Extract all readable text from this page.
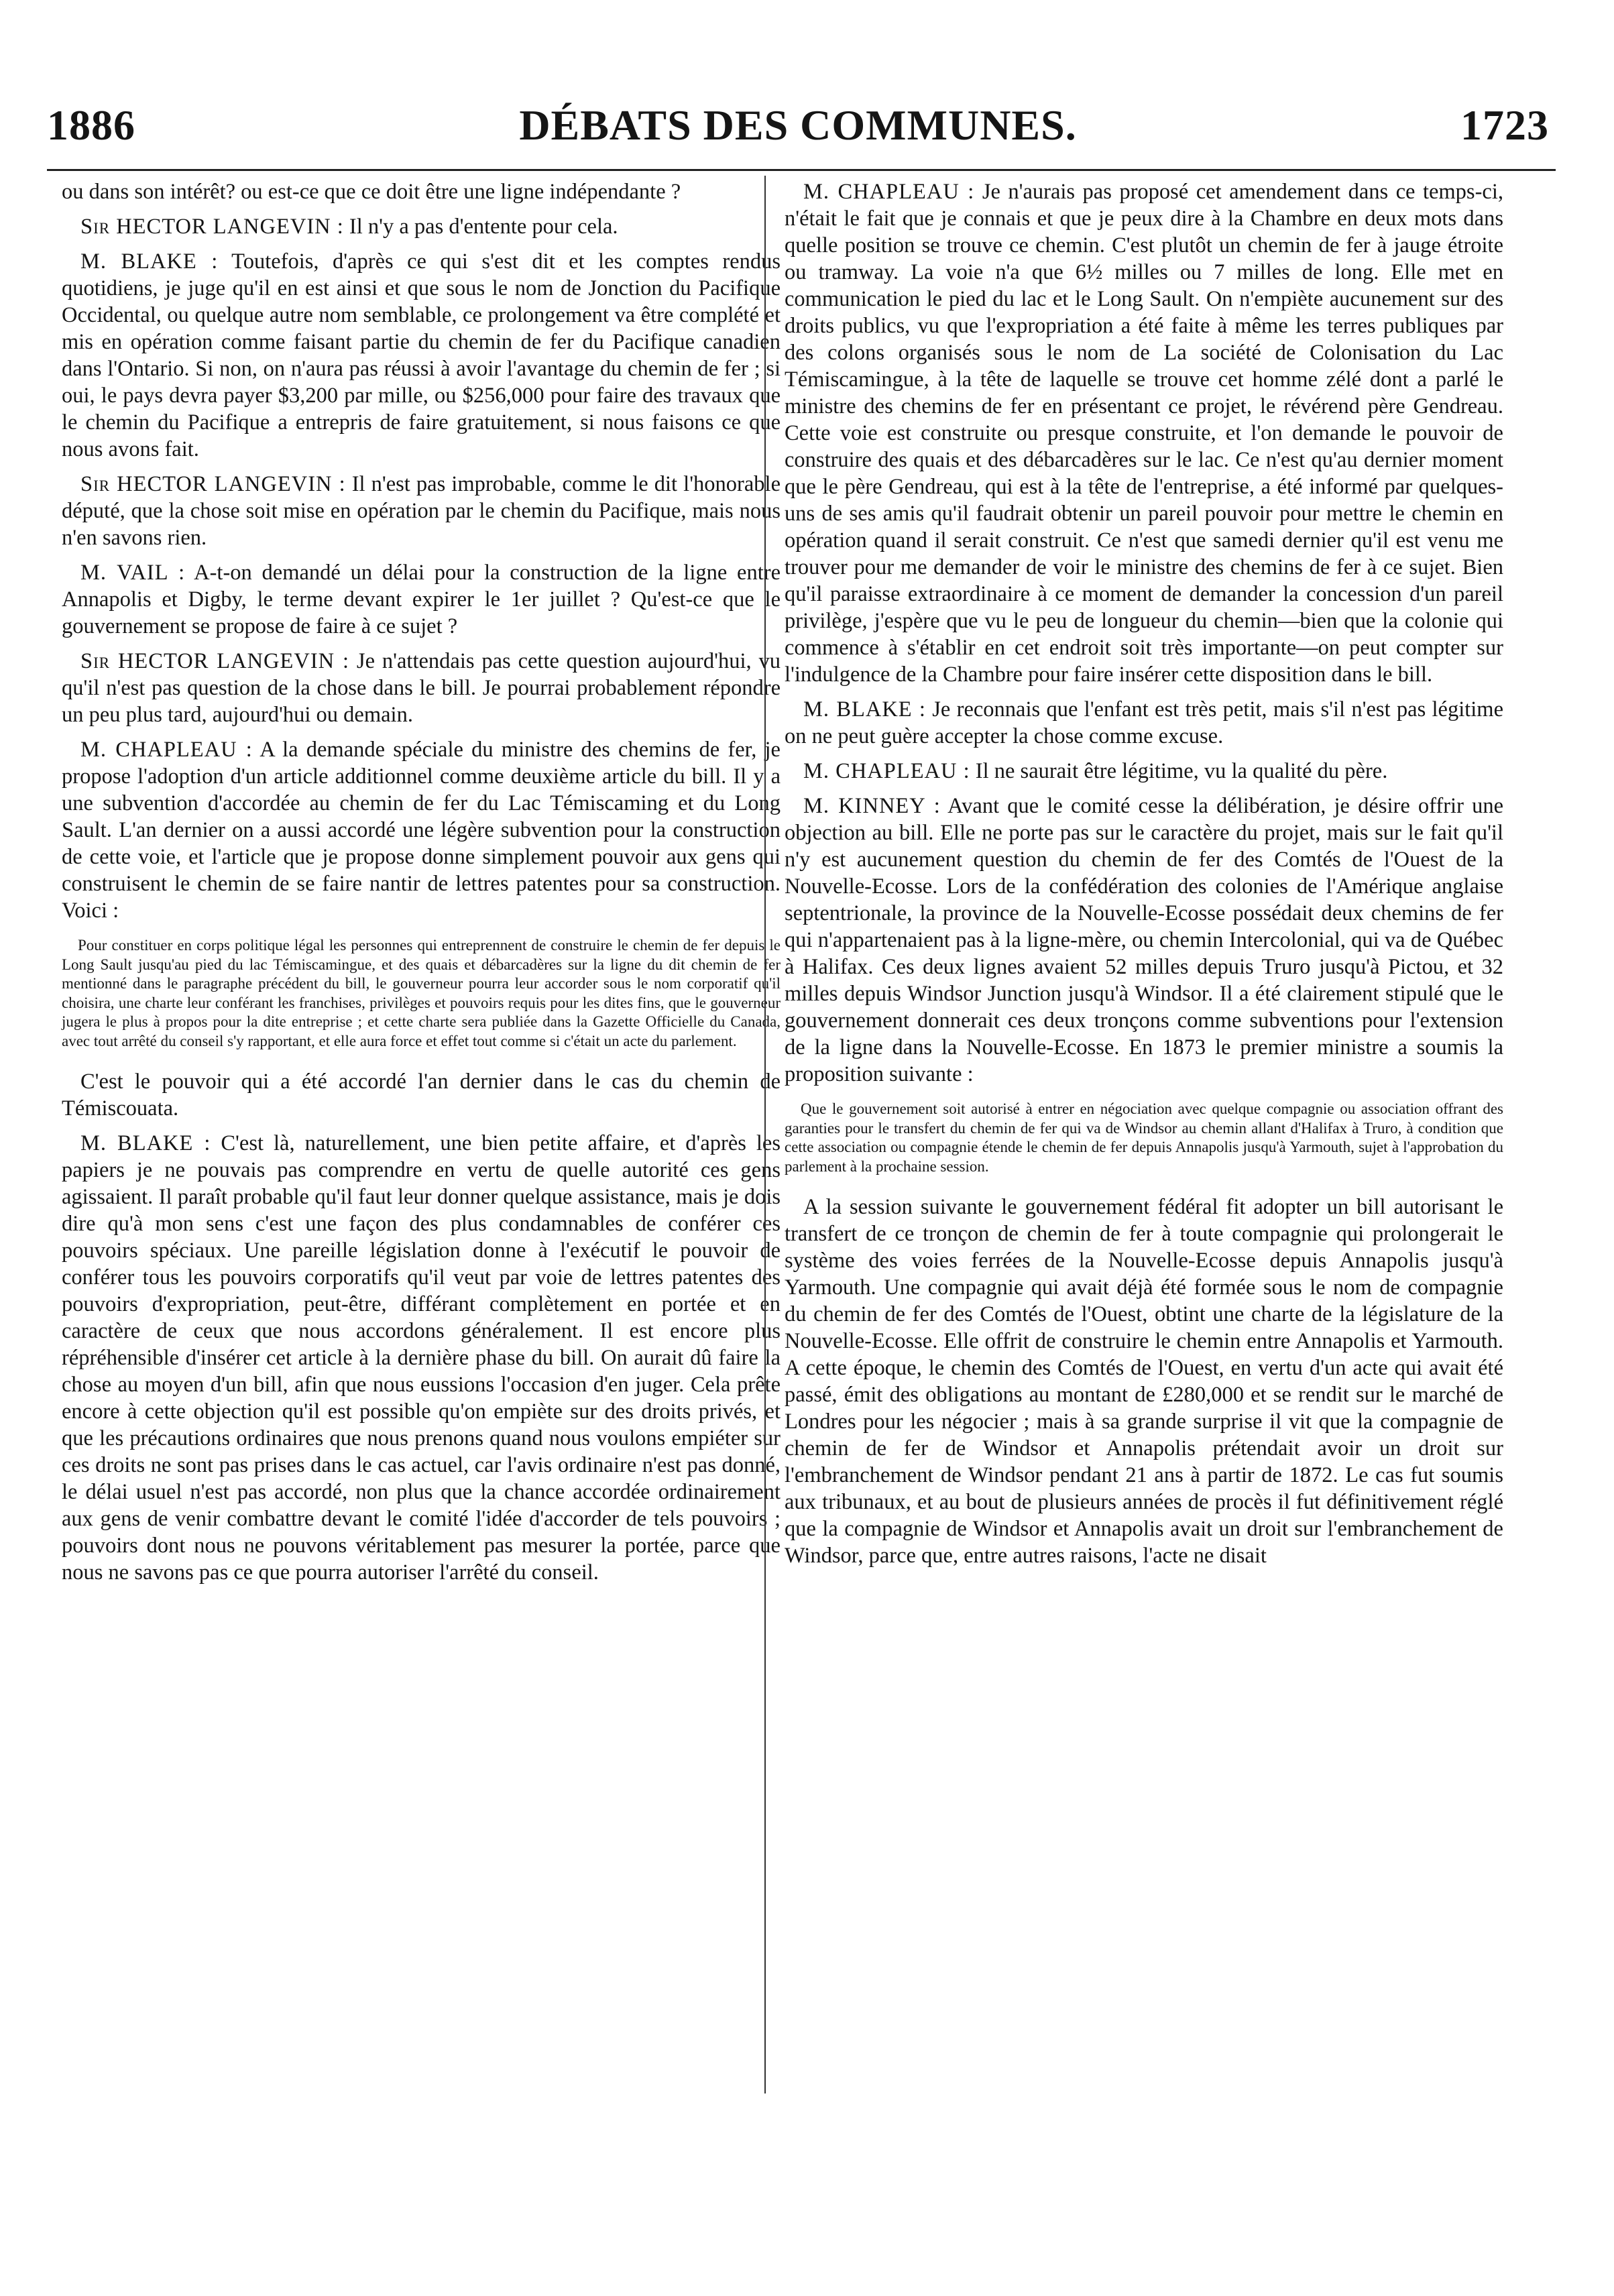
1886	DÉBATS DES COMMUNES.	1723

ou dans son intérêt? ou est-ce que ce doit être une ligne indépendante ?

Sir HECTOR LANGEVIN : Il n'y a pas d'entente pour cela.

M. BLAKE : Toutefois, d'après ce qui s'est dit et les comptes rendus quotidiens, je juge qu'il en est ainsi et que sous le nom de Jonction du Pacifique Occidental, ou quelque autre nom semblable, ce prolongement va être complété et mis en opération comme faisant partie du chemin de fer du Pacifique canadien dans l'Ontario. Si non, on n'aura pas réussi à avoir l'avantage du chemin de fer ; si oui, le pays devra payer $3,200 par mille, ou $256,000 pour faire des travaux que le chemin du Pacifique a entrepris de faire gratuitement, si nous faisons ce que nous avons fait.

Sir HECTOR LANGEVIN : Il n'est pas improbable, comme le dit l'honorable député, que la chose soit mise en opération par le chemin du Pacifique, mais nous n'en savons rien.

M. VAIL : A-t-on demandé un délai pour la construction de la ligne entre Annapolis et Digby, le terme devant expirer le 1er juillet ? Qu'est-ce que le gouvernement se propose de faire à ce sujet ?

Sir HECTOR LANGEVIN : Je n'attendais pas cette question aujourd'hui, vu qu'il n'est pas question de la chose dans le bill. Je pourrai probablement répondre un peu plus tard, aujourd'hui ou demain.

M. CHAPLEAU : A la demande spéciale du ministre des chemins de fer, je propose l'adoption d'un article additionnel comme deuxième article du bill. Il y a une subvention d'accordée au chemin de fer du Lac Témiscaming et du Long Sault. L'an dernier on a aussi accordé une légère subvention pour la construction de cette voie, et l'article que je propose donne simplement pouvoir aux gens qui construisent le chemin de se faire nantir de lettres patentes pour sa construction. Voici :

Pour constituer en corps politique légal les personnes qui entreprennent de construire le chemin de fer depuis le Long Sault jusqu'au pied du lac Témiscamingue, et des quais et débarcadères sur la ligne du dit chemin de fer mentionné dans le paragraphe précédent du bill, le gouverneur pourra leur accorder sous le nom corporatif qu'il choisira, une charte leur conférant les franchises, privilèges et pouvoirs requis pour les dites fins, que le gouverneur jugera le plus à propos pour la dite entreprise ; et cette charte sera publiée dans la Gazette Officielle du Canada, avec tout arrêté du conseil s'y rapportant, et elle aura force et effet tout comme si c'était un acte du parlement.

C'est le pouvoir qui a été accordé l'an dernier dans le cas du chemin de Témiscouata.

M. BLAKE : C'est là, naturellement, une bien petite affaire, et d'après les papiers je ne pouvais pas comprendre en vertu de quelle autorité ces gens agissaient. Il paraît probable qu'il faut leur donner quelque assistance, mais je dois dire qu'à mon sens c'est une façon des plus condamnables de conférer ces pouvoirs spéciaux. Une pareille législation donne à l'exécutif le pouvoir de conférer tous les pouvoirs corporatifs qu'il veut par voie de lettres patentes des pouvoirs d'expropriation, peut-être, différant complètement en portée et en caractère de ceux que nous accordons généralement. Il est encore plus répréhensible d'insérer cet article à la dernière phase du bill. On aurait dû faire la chose au moyen d'un bill, afin que nous eussions l'occasion d'en juger. Cela prête encore à cette objection qu'il est possible qu'on empiète sur des droits privés, et que les précautions ordinaires que nous prenons quand nous voulons empiéter sur ces droits ne sont pas prises dans le cas actuel, car l'avis ordinaire n'est pas donné, le délai usuel n'est pas accordé, non plus que la chance accordée ordinairement aux gens de venir combattre devant le comité l'idée d'accorder de tels pouvoirs ; pouvoirs dont nous ne pouvons véritablement pas mesurer la portée, parce que nous ne savons pas ce que pourra autoriser l'arrêté du conseil.

M. CHAPLEAU : Je n'aurais pas proposé cet amendement dans ce temps-ci, n'était le fait que je connais et que je peux dire à la Chambre en deux mots dans quelle position se trouve ce chemin. C'est plutôt un chemin de fer à jauge étroite ou tramway. La voie n'a que 6½ milles ou 7 milles de long. Elle met en communication le pied du lac et le Long Sault. On n'empiète aucunement sur des droits publics, vu que l'expropriation a été faite à même les terres publiques par des colons organisés sous le nom de La société de Colonisation du Lac Témiscamingue, à la tête de laquelle se trouve cet homme zélé dont a parlé le ministre des chemins de fer en présentant ce projet, le révérend père Gendreau. Cette voie est construite ou presque construite, et l'on demande le pouvoir de construire des quais et des débarcadères sur le lac. Ce n'est qu'au dernier moment que le père Gendreau, qui est à la tête de l'entreprise, a été informé par quelques-uns de ses amis qu'il faudrait obtenir un pareil pouvoir pour mettre le chemin en opération quand il serait construit. Ce n'est que samedi dernier qu'il est venu me trouver pour me demander de voir le ministre des chemins de fer à ce sujet. Bien qu'il paraisse extraordinaire à ce moment de demander la concession d'un pareil privilège, j'espère que vu le peu de longueur du chemin—bien que la colonie qui commence à s'établir en cet endroit soit très importante—on peut compter sur l'indulgence de la Chambre pour faire insérer cette disposition dans le bill.

M. BLAKE : Je reconnais que l'enfant est très petit, mais s'il n'est pas légitime on ne peut guère accepter la chose comme excuse.

M. CHAPLEAU : Il ne saurait être légitime, vu la qualité du père.

M. KINNEY : Avant que le comité cesse la délibération, je désire offrir une objection au bill. Elle ne porte pas sur le caractère du projet, mais sur le fait qu'il n'y est aucunement question du chemin de fer des Comtés de l'Ouest de la Nouvelle-Ecosse. Lors de la confédération des colonies de l'Amérique anglaise septentrionale, la province de la Nouvelle-Ecosse possédait deux chemins de fer qui n'appartenaient pas à la ligne-mère, ou chemin Intercolonial, qui va de Québec à Halifax. Ces deux lignes avaient 52 milles depuis Truro jusqu'à Pictou, et 32 milles depuis Windsor Junction jusqu'à Windsor. Il a été clairement stipulé que le gouvernement donnerait ces deux tronçons comme subventions pour l'extension de la ligne dans la Nouvelle-Ecosse. En 1873 le premier ministre a soumis la proposition suivante :

Que le gouvernement soit autorisé à entrer en négociation avec quelque compagnie ou association offrant des garanties pour le transfert du chemin de fer qui va de Windsor au chemin allant d'Halifax à Truro, à condition que cette association ou compagnie étende le chemin de fer depuis Annapolis jusqu'à Yarmouth, sujet à l'approbation du parlement à la prochaine session.

A la session suivante le gouvernement fédéral fit adopter un bill autorisant le transfert de ce tronçon de chemin de fer à toute compagnie qui prolongerait le système des voies ferrées de la Nouvelle-Ecosse depuis Annapolis jusqu'à Yarmouth. Une compagnie qui avait déjà été formée sous le nom de compagnie du chemin de fer des Comtés de l'Ouest, obtint une charte de la législature de la Nouvelle-Ecosse. Elle offrit de construire le chemin entre Annapolis et Yarmouth. A cette époque, le chemin des Comtés de l'Ouest, en vertu d'un acte qui avait été passé, émit des obligations au montant de £280,000 et se rendit sur le marché de Londres pour les négocier ; mais à sa grande surprise il vit que la compagnie de chemin de fer de Windsor et Annapolis prétendait avoir un droit sur l'embranchement de Windsor pendant 21 ans à partir de 1872. Le cas fut soumis aux tribunaux, et au bout de plusieurs années de procès il fut définitivement réglé que la compagnie de Windsor et Annapolis avait un droit sur l'embranchement de Windsor, parce que, entre autres raisons, l'acte ne disait
